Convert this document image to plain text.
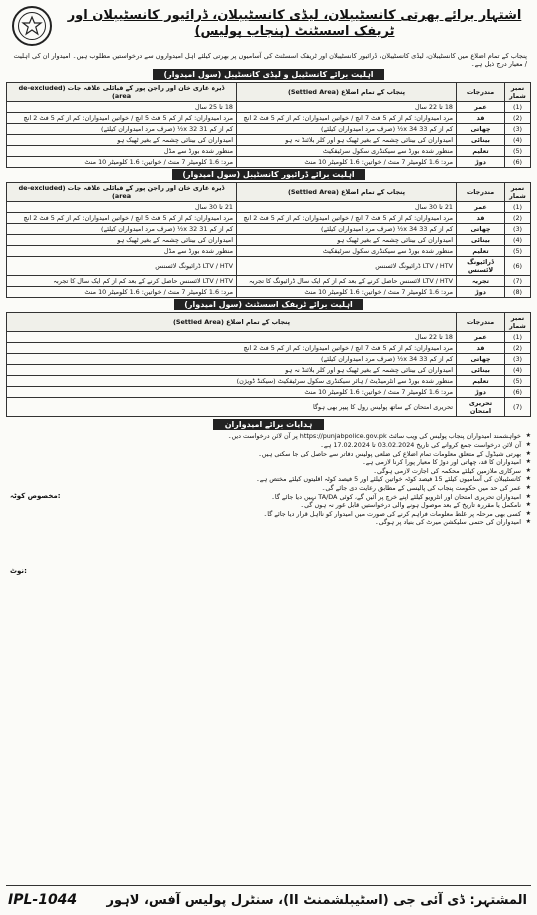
اشتہار برائے بھرتی کانسٹیبلان، لیڈی کانسٹیبلان، ڈرائیور کانسٹیبلان اور ٹریفک اسسٹنٹ (پنجاب پولیس)

پنجاب کے تمام اضلاع میں کانسٹیبلان، لیڈی کانسٹیبلان، ڈرائیور کانسٹیبلان اور ٹریفک اسسٹنٹ کی آسامیوں پر بھرتی کیلئے اہل امیدواروں سے درخواستیں مطلوب ہیں۔ امیدوار ان کی اہلیت / معیار درج ذیل ہے۔

اہلیت برائے کانسٹیبل و لیڈی کانسٹیبل (سول امیدوار)
نمبر شمار	مندرجات	پنجاب کے تمام اضلاع (Settled Area)	ڈیرہ غازی خان اور راجن پور کے قبائلی علاقہ جات (de-excluded area)
(1)	عمر	18 تا 22 سال	18 تا 25 سال
(2)	قد	مرد امیدواران: کم از کم 5 فٹ 7 انچ / خواتین امیدواران: کم از کم 5 فٹ 2 انچ	مرد امیدواران: کم از کم 5 فٹ 5 انچ / خواتین امیدواران: کم از کم 5 فٹ 2 انچ
(3)	چھاتی	کم از کم 33 x 34½ (صرف مرد امیدواران کیلئے)	کم از کم 31 x 32½ (صرف مرد امیدواران کیلئے)
(4)	بینائی	امیدواران کی بینائی چشمہ کے بغیر ٹھیک ہو اور کلر بلائنڈ نہ ہو	امیدواران کی بینائی چشمہ کے بغیر ٹھیک ہو
(5)	تعلیم	منظور شدہ بورڈ سے سیکنڈری سکول سرٹیفکیٹ	منظور شدہ بورڈ سے مڈل
(6)	دوڑ	مرد: 1.6 کلومیٹر 7 منٹ / خواتین: 1.6 کلومیٹر 10 منٹ	مرد: 1.6 کلومیٹر 7 منٹ / خواتین: 1.6 کلومیٹر 10 منٹ
اہلیت برائے ڈرائیور کانسٹیبل (سول امیدوار)
نمبر شمار	مندرجات	پنجاب کے تمام اضلاع (Settled Area)	ڈیرہ غازی خان اور راجن پور کے قبائلی علاقہ جات (de-excluded area)
(1)	عمر	21 تا 30 سال	21 تا 30 سال
(2)	قد	مرد امیدواران: کم از کم 5 فٹ 7 انچ / خواتین امیدواران: کم از کم 5 فٹ 2 انچ	مرد امیدواران: کم از کم 5 فٹ 5 انچ / خواتین امیدواران: کم از کم 5 فٹ 2 انچ
(3)	چھاتی	کم از کم 33 x 34½ (صرف مرد امیدواران کیلئے)	کم از کم 31 x 32½ (صرف مرد امیدواران کیلئے)
(4)	بینائی	امیدواران کی بینائی چشمہ کے بغیر ٹھیک ہو	امیدواران کی بینائی چشمہ کے بغیر ٹھیک ہو
(5)	تعلیم	منظور شدہ بورڈ سے سیکنڈری سکول سرٹیفکیٹ	منظور شدہ بورڈ سے مڈل
(6)	ڈرائیونگ لائسنس	LTV / HTV ڈرائیونگ لائسنس	LTV / HTV ڈرائیونگ لائسنس
(7)	تجربہ	LTV / HTV لائسنس حاصل کرنے کے بعد کم از کم ایک سال ڈرائیونگ کا تجربہ	LTV / HTV لائسنس حاصل کرنے کے بعد کم از کم ایک سال کا تجربہ
(8)	دوڑ	مرد: 1.6 کلومیٹر 7 منٹ / خواتین: 1.6 کلومیٹر 10 منٹ	مرد: 1.6 کلومیٹر 7 منٹ / خواتین: 1.6 کلومیٹر 10 منٹ
اہلیت برائے ٹریفک اسسٹنٹ (سول امیدوار)
نمبر شمار	مندرجات	پنجاب کے تمام اضلاع (Settled Area)
(1)	عمر	18 تا 22 سال
(2)	قد	مرد امیدواران: کم از کم 5 فٹ 7 انچ / خواتین امیدواران: کم از کم 5 فٹ 2 انچ
(3)	چھاتی	کم از کم 33 x 34½ (صرف مرد امیدواران کیلئے)
(4)	بینائی	امیدواران کی بینائی چشمہ کے بغیر ٹھیک ہو اور کلر بلائنڈ نہ ہو
(5)	تعلیم	منظور شدہ بورڈ سے انٹرمیڈیٹ / ہائر سیکنڈری سکول سرٹیفکیٹ (سیکنڈ ڈویژن)
(6)	دوڑ	مرد: 1.6 کلومیٹر 7 منٹ / خواتین: 1.6 کلومیٹر 10 منٹ
(7)	تحریری امتحان	تحریری امتحان کے ساتھ پولیس رول کا پیپر بھی ہوگا
ہدایات برائے امیدواران
مخصوص کوٹہ:
نوٹ:
★ خواہشمند امیدواران پنجاب پولیس کی ویب سائٹ https://punjabpolice.gov.pk پر آن لائن درخواست دیں۔
★ آن لائن درخواست جمع کروانے کی تاریخ 03.02.2024 تا 17.02.2024 ہے۔
★ بھرتی شیڈول کے متعلق معلومات تمام اضلاع کی ضلعی پولیس دفاتر سے حاصل کی جا سکتی ہیں۔
★ امیدواران کا قد، چھاتی اور دوڑ کا معیار پورا کرنا لازمی ہے۔
★ سرکاری ملازمین کیلئے محکمہ کی اجازت لازمی ہوگی۔
★ کانسٹیبلان کی آسامیوں کیلئے 15 فیصد کوٹہ خواتین کیلئے اور 5 فیصد کوٹہ اقلیتوں کیلئے مختص ہے۔
★ عمر کی حد میں حکومت پنجاب کی پالیسی کے مطابق رعایت دی جائے گی۔
★ امیدواران تحریری امتحان اور انٹرویو کیلئے اپنے خرچ پر آئیں گے، کوئی TA/DA نہیں دیا جائے گا۔
★ نامکمل یا مقررہ تاریخ کے بعد موصول ہونے والی درخواستیں قابل غور نہ ہوں گی۔
★ کسی بھی مرحلہ پر غلط معلومات فراہم کرنے کی صورت میں امیدوار کو نااہل قرار دیا جائے گا۔
★ امیدواران کی حتمی سلیکشن میرٹ کی بنیاد پر ہوگی۔
IPL-1044 المشتہر: ڈی آئی جی (اسٹیبلشمنٹ II)، سنٹرل پولیس آفس، لاہور
